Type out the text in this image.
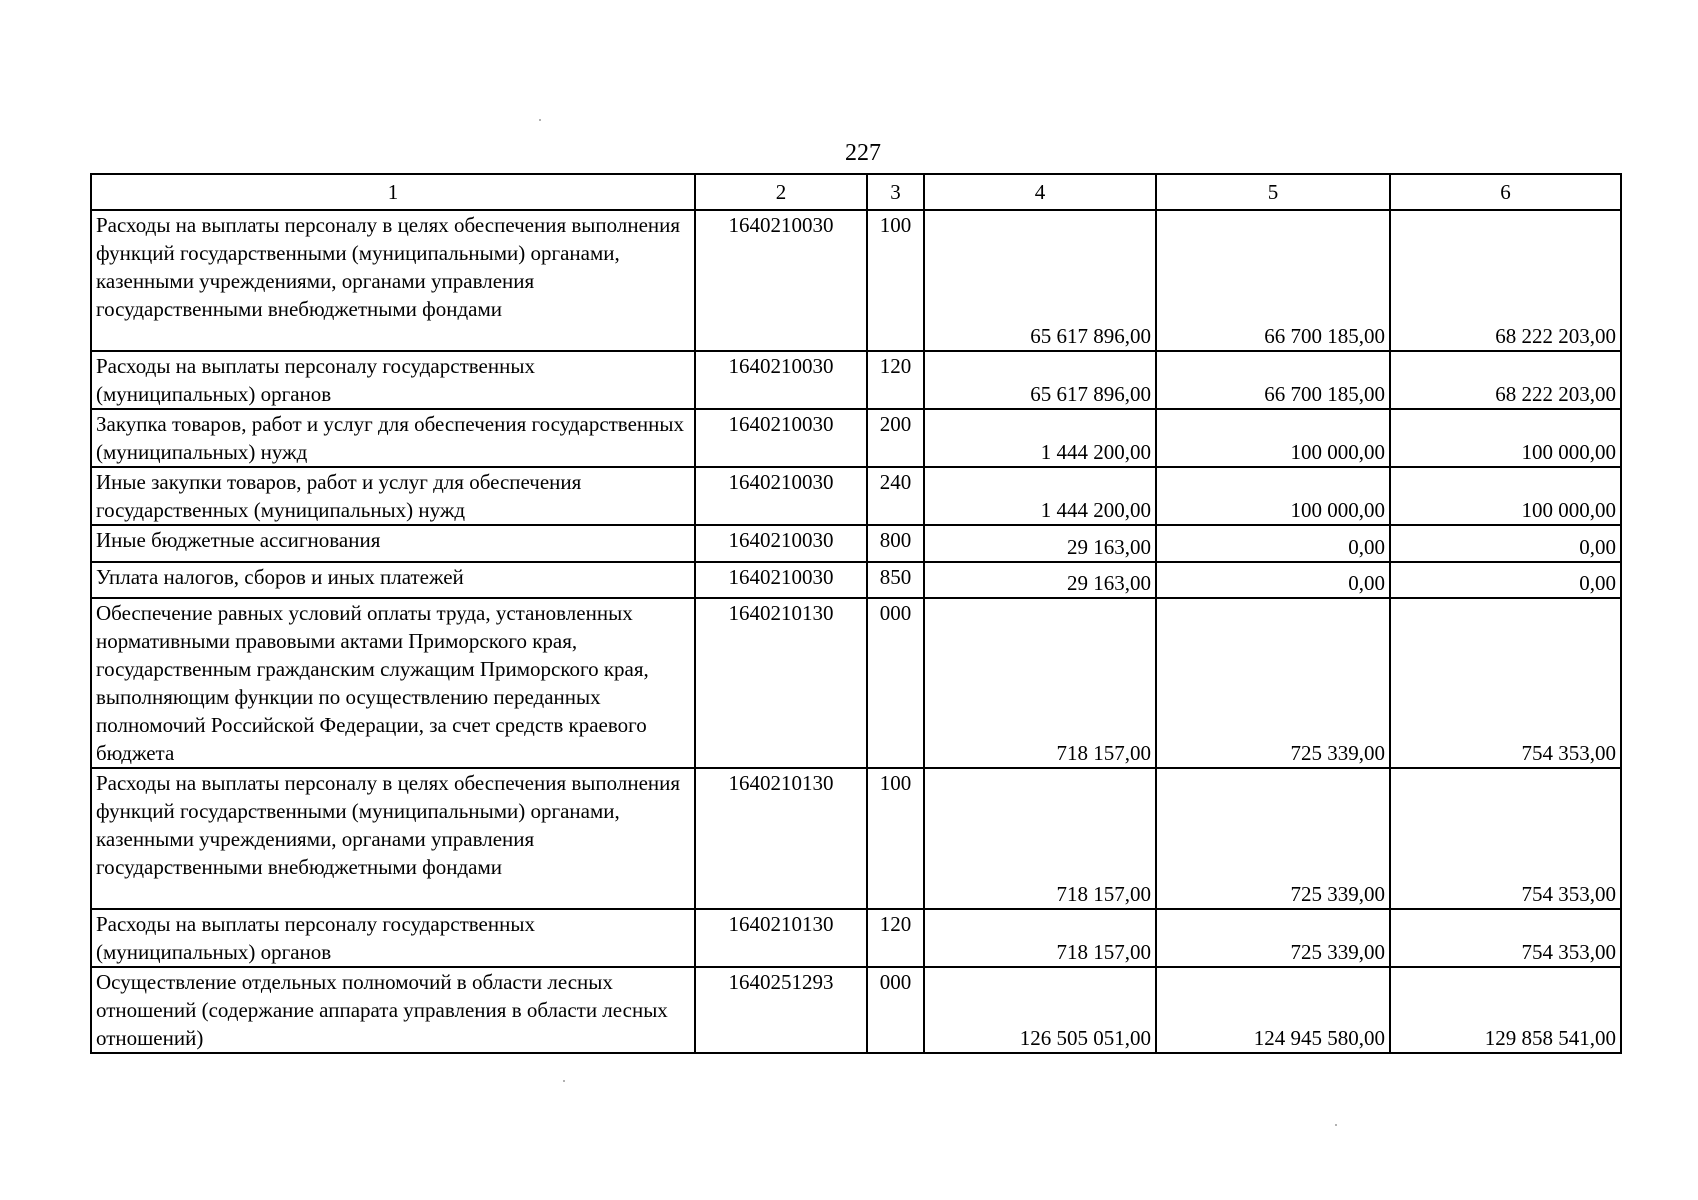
227
1	2	3	4	5	6
Расходы на выплаты персоналу в целях обеспечения выполнения функций государственными (муниципальными) органами, казенными учреждениями, органами управления государственными внебюджетными фондами	1640210030	100	65 617 896,00	66 700 185,00	68 222 203,00
Расходы на выплаты персоналу государственных (муниципальных) органов	1640210030	120	65 617 896,00	66 700 185,00	68 222 203,00
Закупка товаров, работ и услуг для обеспечения государственных (муниципальных) нужд	1640210030	200	1 444 200,00	100 000,00	100 000,00
Иные закупки товаров, работ и услуг для обеспечения государственных (муниципальных) нужд	1640210030	240	1 444 200,00	100 000,00	100 000,00
Иные бюджетные ассигнования	1640210030	800	29 163,00	0,00	0,00
Уплата налогов, сборов и иных платежей	1640210030	850	29 163,00	0,00	0,00
Обеспечение равных условий оплаты труда, установленных нормативными правовыми актами Приморского края, государственным гражданским служащим Приморского края, выполняющим функции по осуществлению переданных полномочий Российской Федерации, за счет средств краевого бюджета	1640210130	000	718 157,00	725 339,00	754 353,00
Расходы на выплаты персоналу в целях обеспечения выполнения функций государственными (муниципальными) органами, казенными учреждениями, органами управления государственными внебюджетными фондами	1640210130	100	718 157,00	725 339,00	754 353,00
Расходы на выплаты персоналу государственных (муниципальных) органов	1640210130	120	718 157,00	725 339,00	754 353,00
Осуществление отдельных полномочий в области лесных отношений (содержание аппарата управления в области лесных отношений)	1640251293	000	126 505 051,00	124 945 580,00	129 858 541,00
